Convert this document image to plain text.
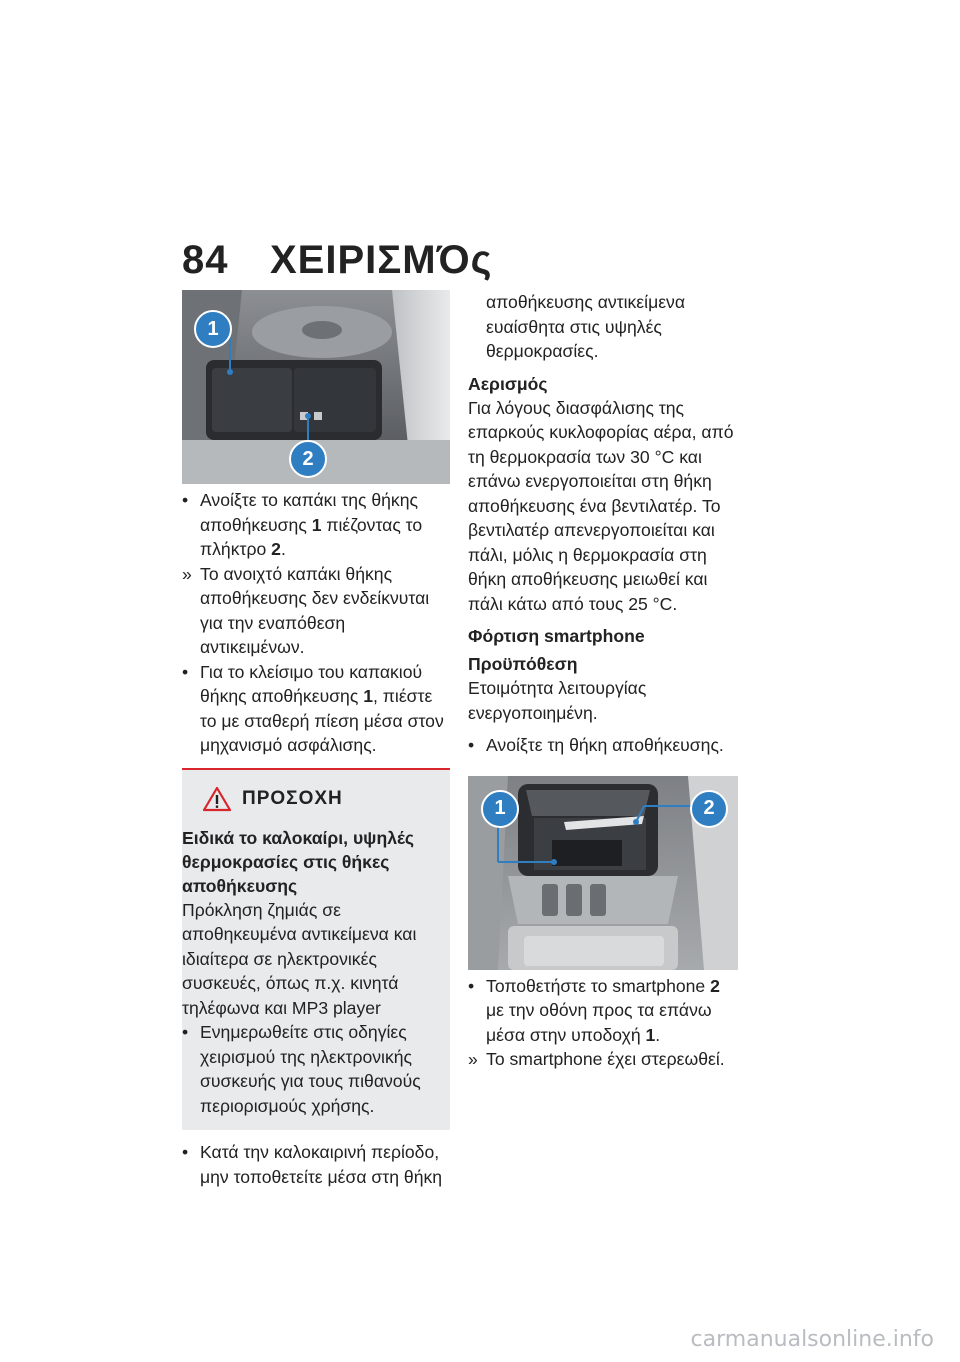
84 ΧΕΙΡΙΣΜΌς
1
2
• Ανοίξτε το καπάκι της θήκης αποθήκευσης 1 πιέζοντας το πλήκτρο 2.
» Το ανοιχτό καπάκι θήκης αποθήκευσης δεν ενδείκνυται για την εναπόθεση αντικειμένων.
• Για το κλείσιμο του καπακιού θήκης αποθήκευσης 1, πιέστε το με σταθερή πίεση μέσα στον μηχανισμό ασφάλισης.
ΠΡΟΣΟΧΗ
Ειδικά το καλοκαίρι, υψηλές θερμοκρασίες στις θήκες αποθήκευσης

Πρόκληση ζημιάς σε αποθηκευμένα αντικείμενα και ιδιαίτερα σε ηλεκτρονικές συσκευές, όπως π.χ. κινητά τηλέφωνα και MP3 player

• Ενημερωθείτε στις οδηγίες χειρισμού της ηλεκτρονικής συσκευής για τους πιθανούς περιορισμούς χρήσης.
• Κατά την καλοκαιρινή περίοδο, μην τοποθετείτε μέσα στη θήκη

αποθήκευσης αντικείμενα ευαίσθητα στις υψηλές θερμοκρασίες.

Αερισμός

Για λόγους διασφάλισης της επαρκούς κυκλοφορίας αέρα, από τη θερμοκρασία των 30 °C και επάνω ενεργοποιείται στη θήκη αποθήκευσης ένα βεντιλατέρ. Το βεντιλατέρ απενεργοποιείται και πάλι, μόλις η θερμοκρασία στη θήκη αποθήκευσης μειωθεί και πάλι κάτω από τους 25 °C.

Φόρτιση smartphone
Προϋπόθεση

Ετοιμότητα λειτουργίας ενεργοποιημένη.

• Ανοίξτε τη θήκη αποθήκευσης.
1	2
• Τοποθετήστε το smartphone 2 με την οθόνη προς τα επάνω μέσα στην υποδοχή 1.
» Το smartphone έχει στερεωθεί.
carmanualsonline.info
